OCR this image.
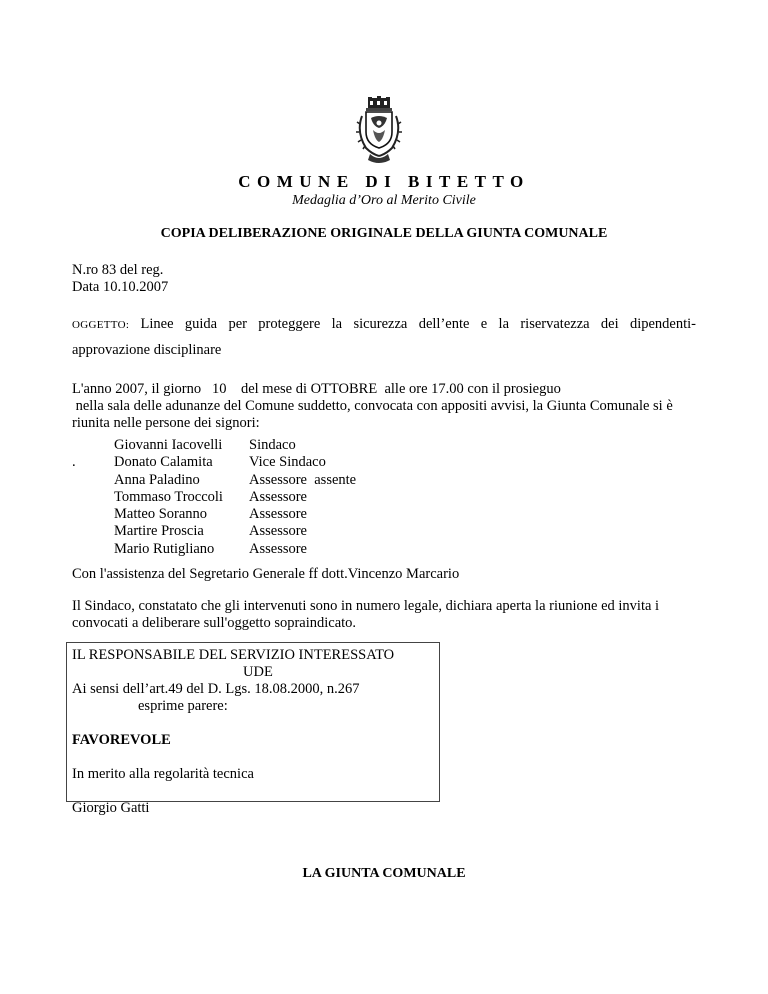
COMUNE DI BITETTO
Medaglia d’Oro al Merito Civile
COPIA DELIBERAZIONE ORIGINALE DELLA GIUNTA COMUNALE
N.ro 83 del reg.
Data 10.10.2007
OGGETTO: Linee guida per proteggere la sicurezza dell’ente e la riservatezza dei dipendenti-
approvazione disciplinare
L'anno 2007, il giorno   10    del mese di OTTOBRE  alle ore 17.00 con il prosieguo
nella sala delle adunanze del Comune suddetto, convocata con appositi avvisi, la Giunta Comunale si è
riunita nelle persone dei signori:
	Giovanni Iacovelli	Sindaco
.	Donato Calamita	Vice Sindaco
	Anna Paladino	Assessore  assente
	Tommaso Troccoli	Assessore
	Matteo Soranno	Assessore
	Martire Proscia	Assessore
	Mario Rutigliano	Assessore
Con l'assistenza del Segretario Generale ff dott.Vincenzo Marcario
Il Sindaco, constatato che gli intervenuti sono in numero legale, dichiara aperta la riunione ed invita i
convocati a deliberare sull'oggetto sopraindicato.
IL RESPONSABILE DEL SERVIZIO INTERESSATO
UDE
Ai sensi dell’art.49 del D. Lgs. 18.08.2000, n.267
esprime parere:
FAVOREVOLE
In merito alla regolarità tecnica
Giorgio Gatti
LA GIUNTA COMUNALE
